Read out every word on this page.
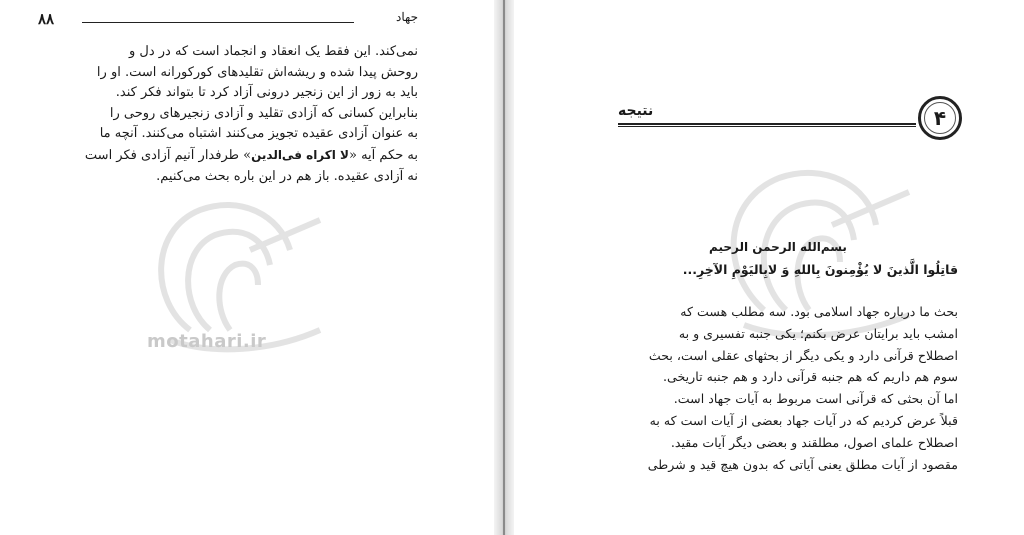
۸۸	جهاد
motahari.ir
نمی‌کند. این فقط یک انعقاد و انجماد است که در دل و
روحش پیدا شده و ریشه‌اش تقلیدهای کورکورانه است. او را
باید به زور از این زنجیر درونی آزاد کرد تا بتواند فکر کند.
بنابراین کسانی که آزادی تقلید و آزادی زنجیرهای روحی را
به عنوان آزادی عقیده تجویز می‌کنند اشتباه می‌کنند. آنچه ما
به حکم آیه «لا اکراه فی‌الدین» طرفدار آنیم آزادی فکر است
نه آزادی عقیده. باز هم در این باره بحث می‌کنیم.
نتیجه	۴
بسم‌الله الرحمن الرحیم
قاتِلُوا الَّذینَ لا یُؤْمِنونَ بِاللهِ وَ لابِالیَوْمِ الآخِرِ...
بحث ما درباره جهاد اسلامی بود. سه مطلب هست که
امشب باید برایتان عرض بکنم؛ یکی جنبه تفسیری و به
اصطلاح قرآنی دارد و یکی دیگر از بحثهای عقلی است، بحث
سوم هم داریم که هم جنبه قرآنی دارد و هم جنبه تاریخی.
اما آن بحثی که قرآنی است مربوط به آیات جهاد است.
قبلاً عرض کردیم که در آیات جهاد بعضی از آیات است که به
اصطلاح علمای اصول، مطلقند و بعضی دیگر آیات مقید.
مقصود از آیات مطلق یعنی آیاتی که بدون هیچ قید و شرطی
